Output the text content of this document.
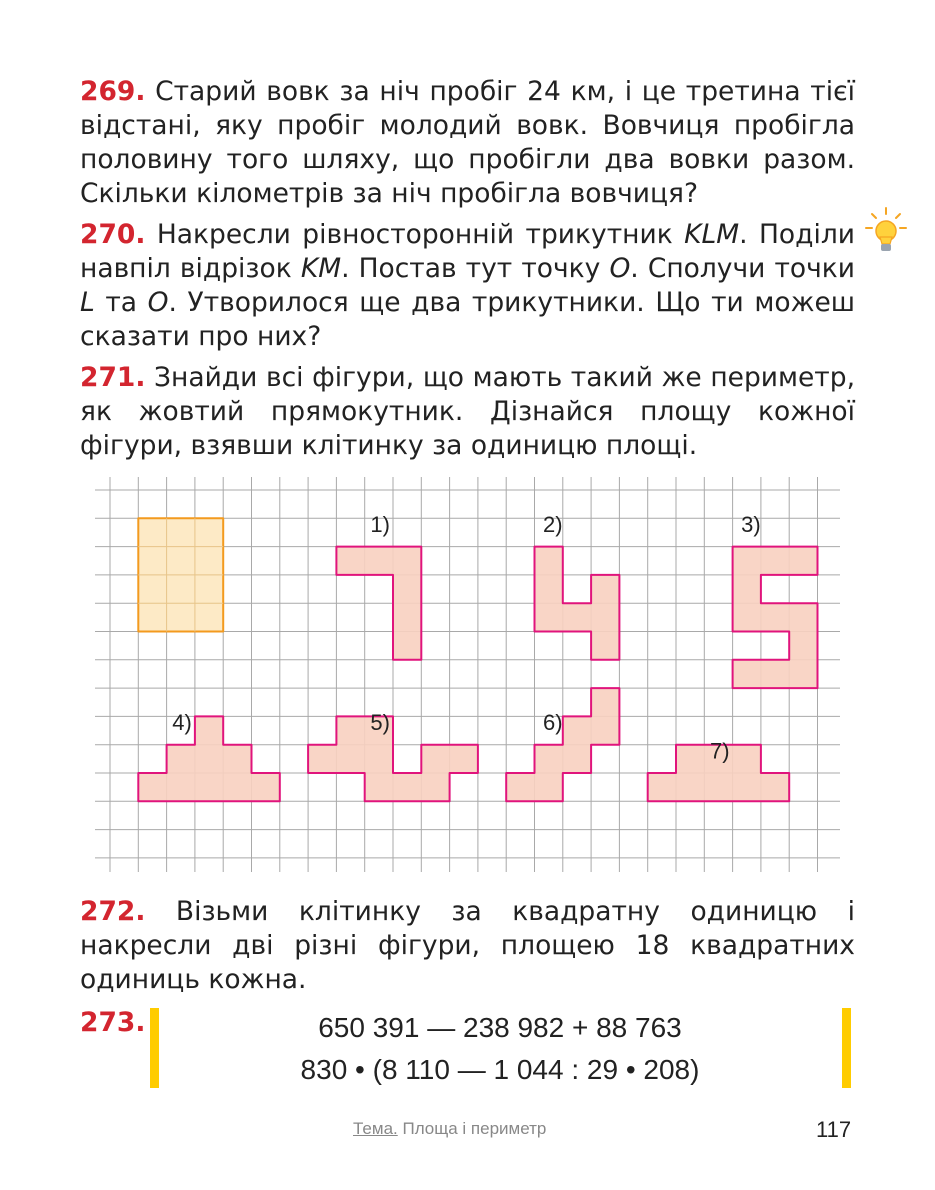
269. Старий вовк за ніч пробіг 24 км, і це третина тієї відстані, яку пробіг молодий вовк. Вовчиця пробігла половину того шляху, що пробігли два вовки разом. Скільки кілометрів за ніч пробігла вовчиця?
270. Накресли рівносторонній трикутник KLM. Поділи навпіл відрізок KM. Постав тут точку O. Сполучи точки L та O. Утворилося ще два трикутники. Що ти можеш сказати про них?
271. Знайди всі фігури, що мають такий же периметр, як жовтий прямокутник. Дізнайся площу кожної фігури, взявши клітинку за одиницю площі.
1)	2)	3)
4)	5)	6)
7)
272. Візьми клітинку за квадратну одиницю і накресли дві різні фігури, площею 18 квадратних одиниць кожна.
273.	650 391 — 238 982 + 88 763
830 • (8 110 — 1 044 : 29 • 208)
Тема. Площа і периметр	117
